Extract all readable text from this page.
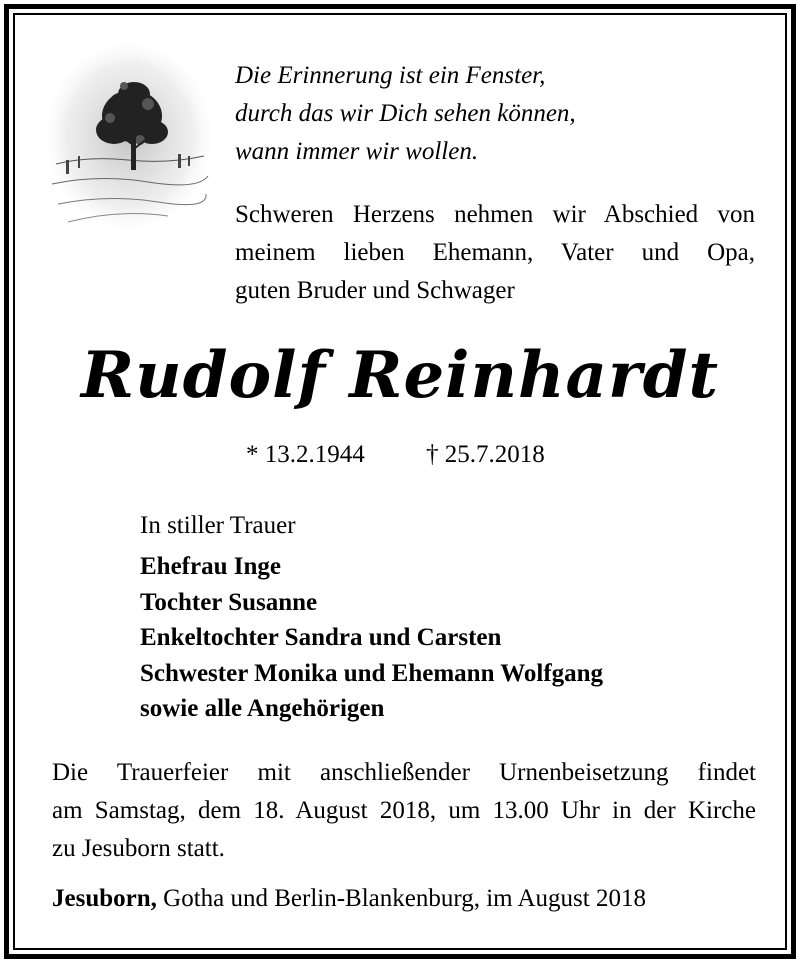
Die Erinnerung ist ein Fenster,
durch das wir Dich sehen können,
wann immer wir wollen.
Schweren Herzens nehmen wir Abschied von
meinem lieben Ehemann, Vater und Opa,
guten Bruder und Schwager
Rudolf Reinhardt
* 13.2.1944 † 25.7.2018
In stiller Trauer
Ehefrau Inge
Tochter Susanne
Enkeltochter Sandra und Carsten
Schwester Monika und Ehemann Wolfgang
sowie alle Angehörigen
Die Trauerfeier mit anschließender Urnenbeisetzung findet
am Samstag, dem 18. August 2018, um 13.00 Uhr in der Kirche
zu Jesuborn statt.
Jesuborn, Gotha und Berlin-Blankenburg, im August 2018
